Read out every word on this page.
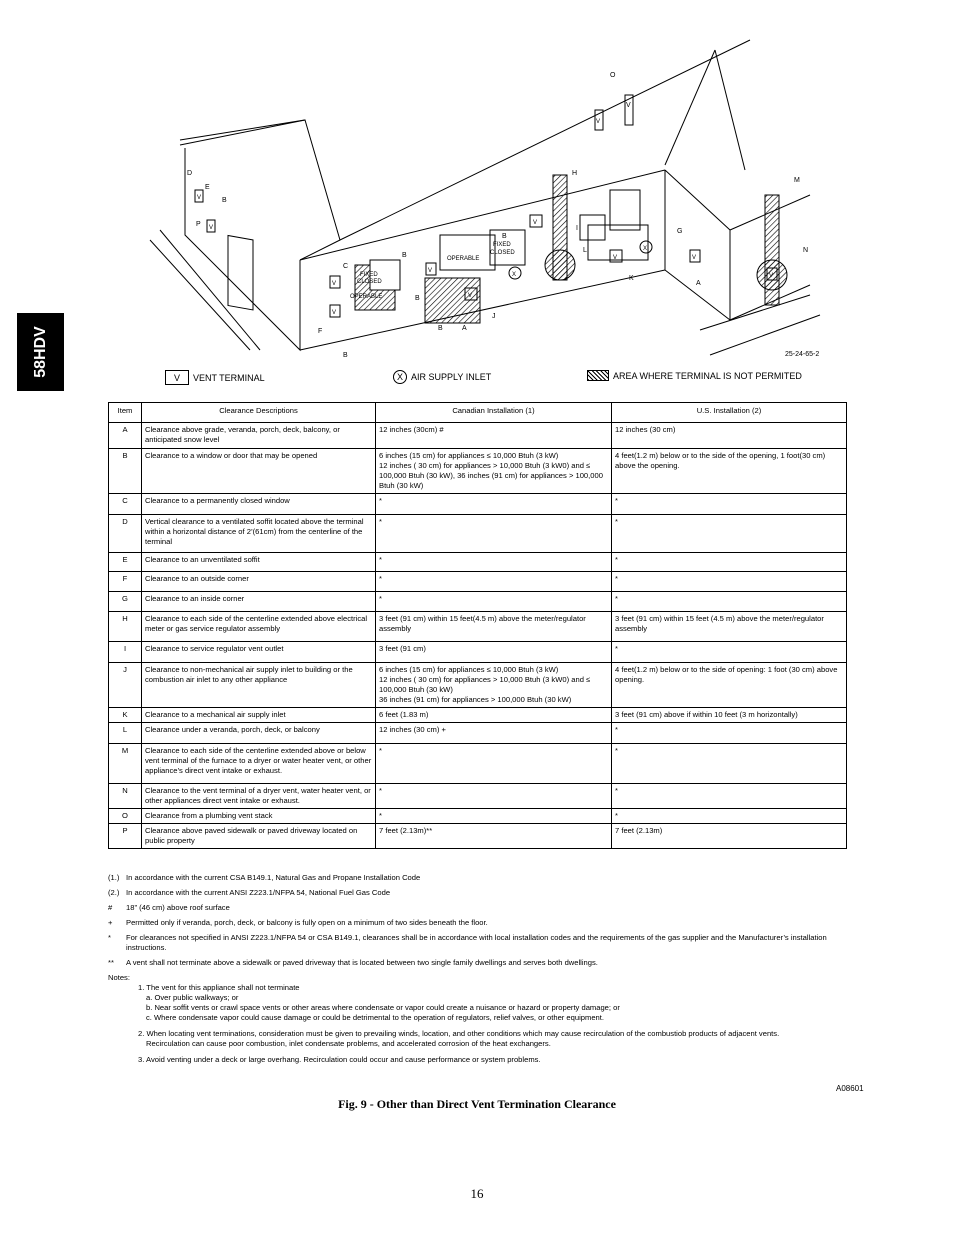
58HDV
O
V
H
M
N
D
E
B
P
C
B
B
B
B
B
F	A
A
J
I
L
K
G
X
X
FIXED
CLOSED
FIXED
CLOSED
OPERABLE
OPERABLE
V
V
V
V
V
V	V
V
V
V
V
25-24-65-2
V	VENT TERMINAL	X AIR SUPPLY INLET	AREA WHERE TERMINAL IS NOT PERMITED
Item	Clearance Descriptions	Canadian Installation (1)	U.S. Installation (2)
A	Clearance above grade, veranda, porch, deck, balcony, or anticipated snow level	12 inches (30cm) #	12 inches (30 cm)
B	Clearance to a window or door that may be opened	6 inches (15 cm) for appliances ≤ 10,000 Btuh (3 kW)
12 inches ( 30 cm) for appliances > 10,000 Btuh (3 kW0) and ≤ 100,000 Btuh (30 kW), 36 inches (91 cm) for appliances > 100,000 Btuh (30 kW)	4 feet(1.2 m) below or to the side of the opening, 1 foot(30 cm) above the opening.
C	Clearance to a permanently closed window	*	*
D	Vertical clearance to a ventilated soffit located above the terminal within a horizontal distance of 2’(61cm) from the centerline of the terminal	*	*
E	Clearance to an unventilated soffit	*	*
F	Clearance to an outside corner	*	*
G	Clearance to an inside corner	*	*
H	Clearance to each side of the centerline extended above electrical meter or gas service regulator assembly	3 feet (91 cm) within 15 feet(4.5 m) above the meter/regulator assembly	3 feet (91 cm) within 15 feet (4.5 m) above the meter/regulator assembly
I	Clearance to service regulator vent outlet	3 feet (91 cm)	*
J	Clearance to non-mechanical air supply inlet to building or the combustion air inlet to any other appliance	6 inches (15 cm) for appliances ≤ 10,000 Btuh (3 kW)
12 inches ( 30 cm) for appliances > 10,000 Btuh (3 kW0) and ≤ 100,000 Btuh (30 kW)
36 inches (91 cm) for appliances > 100,000 Btuh (30 kW)	4 feet(1.2 m) below or to the side of opening: 1 foot (30 cm) above opening.
K	Clearance to a mechanical air supply inlet	6 feet (1.83 m)	3 feet (91 cm) above if within 10 feet (3 m horizontally)
L	Clearance under a veranda, porch, deck, or balcony	12 inches (30 cm) +	*
M	Clearance to each side of the centerline extended above or below vent terminal of the furnace to a dryer or water heater vent, or other appliance’s direct vent intake or exhaust.	*	*
N	Clearance to the vent terminal of a dryer vent, water heater vent, or other appliances direct vent intake or exhaust.	*	*
O	Clearance from a plumbing vent stack	*	*
P	Clearance above paved sidewalk or paved driveway located on public property	7 feet (2.13m)**	7 feet (2.13m)
(1.) In accordance with the current CSA B149.1, Natural Gas and Propane Installation Code
(2.) In accordance with the current ANSI Z223.1/NFPA 54, National Fuel Gas Code
#	18” (46 cm) above roof surface
+	Permitted only if veranda, porch, deck, or balcony is fully open on a minimum of two sides beneath the floor.
*	For clearances not specified in ANSI Z223.1/NFPA 54 or CSA B149.1, clearances shall be in accordance with local installation codes and the requirements of the gas supplier and the Manufacturer’s installation instructions.
**	A vent shall not terminate above a sidewalk or paved driveway that is located between two single family dwellings and serves both dwellings.
Notes:
1. The vent for this appliance shall not terminate
a. Over public walkways; or
b. Near soffit vents or crawl space vents or other areas where condensate or vapor could create a nuisance or hazard or property damage; or
c. Where condensate vapor could cause damage or could be detrimental to the operation of regulators, relief valves, or other equipment.
2. When locating vent terminations, consideration must be given to prevailing winds, location, and other conditions which may cause recirculation of the combustiob products of adjacent vents.
Recirculation can cause poor combustion, inlet condensate problems, and accelerated corrosion of the heat exchangers.
3. Avoid venting under a deck or large overhang. Recirculation could occur and cause performance or system problems.
A08601
Fig. 9 - Other than Direct Vent Termination Clearance
16
